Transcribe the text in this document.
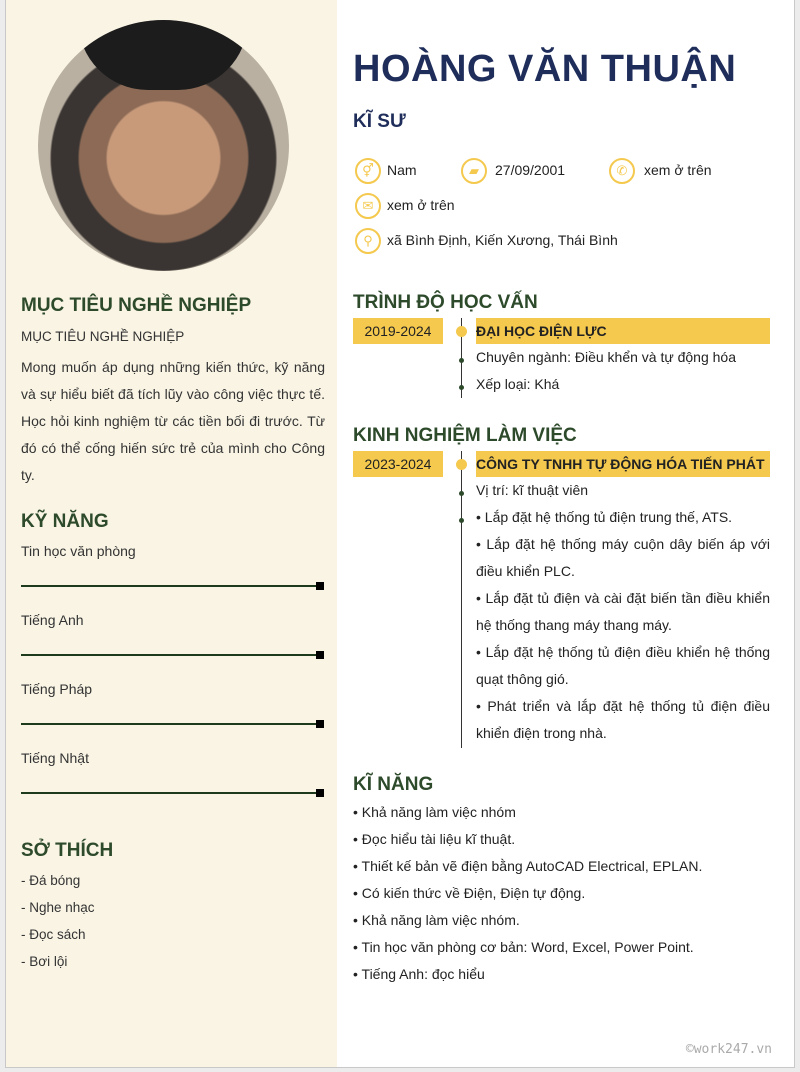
MỤC TIÊU NGHỀ NGHIỆP
MỤC TIÊU NGHỀ NGHIỆP
Mong muốn áp dụng những kiến thức, kỹ năng và sự hiểu biết đã tích lũy vào công việc thực tế. Học hỏi kinh nghiệm từ các tiền bối đi trước. Từ đó có thể cống hiến sức trẻ của mình cho Công ty.
KỸ NĂNG
Tin học văn phòng
Tiếng Anh
Tiếng Pháp
Tiếng Nhật
SỞ THÍCH
- Đá bóng
- Nghe nhạc
- Đọc sách
- Bơi lội
HOÀNG VĂN THUẬN
KĨ SƯ
⚥ Nam	▰	27/09/2001	✆	xem ở trên
✉ xem ở trên
⚲	xã Bình Định, Kiến Xương, Thái Bình
TRÌNH ĐỘ HỌC VẤN
2019-2024	ĐẠI HỌC ĐIỆN LỰC
Chuyên ngành: Điều khển và tự động hóa
Xếp loại: Khá
KINH NGHIỆM LÀM VIỆC
2023-2024	CÔNG TY TNHH TỰ ĐỘNG HÓA TIẾN PHÁT
Vị trí: kĩ thuật viên
• Lắp đặt hệ thống tủ điện trung thế, ATS.
• Lắp đặt hệ thống máy cuộn dây biến áp với điều khiển PLC.
• Lắp đặt tủ điện và cài đặt biến tần điều khiển hệ thống thang máy thang máy.
• Lắp đặt hệ thống tủ điện điều khiển hệ thống quạt thông gió.
• Phát triển và lắp đặt hệ thống tủ điện điều khiển điện trong nhà.
KĨ NĂNG
• Khả năng làm việc nhóm
• Đọc hiểu tài liệu kĩ thuật.
• Thiết kế bản vẽ điện bằng AutoCAD Electrical, EPLAN.
• Có kiến thức về Điện, Điện tự động.
• Khả năng làm việc nhóm.
• Tin học văn phòng cơ bản: Word, Excel, Power Point.
• Tiếng Anh: đọc hiểu
©work247.vn
